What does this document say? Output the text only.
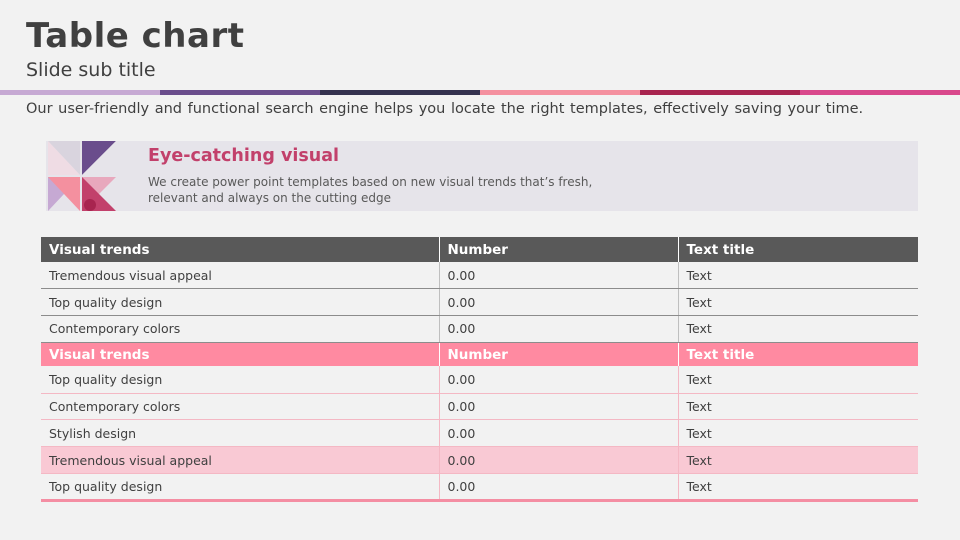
Table chart
Slide sub title
Our user-friendly and functional search engine helps you locate the right templates, effectively saving your time.
Eye-catching visual
We create power point templates based on new visual trends that’s fresh, relevant and always on the cutting edge
Visual trends	Number	Text title
Tremendous visual appeal	0.00	Text
Top quality design	0.00	Text
Contemporary colors	0.00	Text
Visual trends	Number	Text title
Top quality design	0.00	Text
Contemporary colors	0.00	Text
Stylish design	0.00	Text
Tremendous visual appeal	0.00	Text
Top quality design	0.00	Text
